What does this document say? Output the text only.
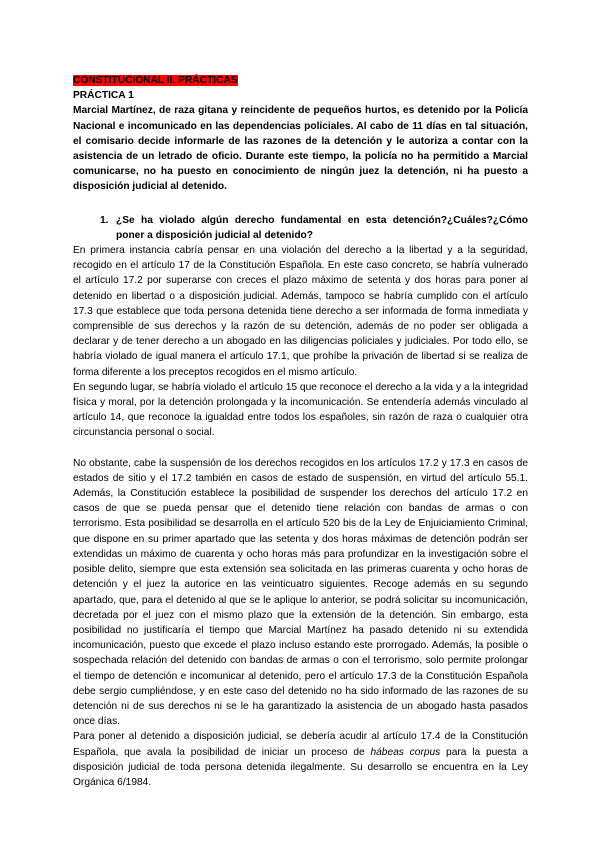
CONSTITUCIONAL II. PRÁCTICAS

PRÁCTICA 1

Marcial Martínez, de raza gitana y reincidente de pequeños hurtos, es detenido por la Policía Nacional e incomunicado en las dependencias policiales. Al cabo de 11 días en tal situación, el comisario decide informarle de las razones de la detención y le autoriza a contar con la asistencia de un letrado de oficio. Durante este tiempo, la policía no ha permitido a Marcial comunicarse, no ha puesto en conocimiento de ningún juez la detención, ni ha puesto a disposición judicial al detenido.

1. ¿Se ha violado algún derecho fundamental en esta detención?¿Cuáles?¿Cómo poner a disposición judicial al detenido?

En primera instancia cabría pensar en una violación del derecho a la libertad y a la seguridad, recogido en el artículo 17 de la Constitución Española. En este caso concreto, se habría vulnerado el artículo 17.2 por superarse con creces el plazo máximo de setenta y dos horas para poner al detenido en libertad o a disposición judicial. Además, tampoco se habría cumplido con el artículo 17.3 que establece que toda persona detenida tiene derecho a ser informada de forma inmediata y comprensible de sus derechos y la razón de su detención, además de no poder ser obligada a declarar y de tener derecho a un abogado en las diligencias policiales y judiciales. Por todo ello, se habría violado de igual manera el artículo 17.1, que prohíbe la privación de libertad si se realiza de forma diferente a los preceptos recogidos en el mismo artículo.

En segundo lugar, se habría violado el artículo 15 que reconoce el derecho a la vida y a la integridad física y moral, por la detención prolongada y la incomunicación. Se entendería además vinculado al artículo 14, que reconoce la igualdad entre todos los españoles, sin razón de raza o cualquier otra circunstancia personal o social.

No obstante, cabe la suspensión de los derechos recogidos en los artículos 17.2 y 17.3 en casos de estados de sitio y el 17.2 también en casos de estado de suspensión, en virtud del artículo 55.1. Además, la Constitución establece la posibilidad de suspender los derechos del artículo 17.2 en casos de que se pueda pensar que el detenido tiene relación con bandas de armas o con terrorismo. Esta posibilidad se desarrolla en el artículo 520 bis de la Ley de Enjuiciamiento Criminal, que dispone en su primer apartado que las setenta y dos horas máximas de detención podrán ser extendidas un máximo de cuarenta y ocho horas más para profundizar en la investigación sobre el posible delito, siempre que esta extensión sea solicitada en las primeras cuarenta y ocho horas de detención y el juez la autorice en las veinticuatro siguientes. Recoge además en su segundo apartado, que, para el detenido al que se le aplique lo anterior, se podrá solicitar su incomunicación, decretada por el juez con el mismo plazo que la extensión de la detención. Sin embargo, esta posibilidad no justificaría el tiempo que Marcial Martínez ha pasado detenido ni su extendida incomunicación, puesto que excede el plazo incluso estando este prorrogado. Además, la posible o sospechada relación del detenido con bandas de armas o con el terrorismo, solo permite prolongar el tiempo de detención e incomunicar al detenido, pero el artículo 17.3 de la Constitución Española debe sergio cumpliéndose, y en este caso del detenido no ha sido informado de las razones de su detención ni de sus derechos ni se le ha garantizado la asistencia de un abogado hasta pasados once días.

Para poner al detenido a disposición judicial, se debería acudir al artículo 17.4 de la Constitución Española, que avala la posibilidad de iniciar un proceso de hábeas corpus para la puesta a disposición judicial de toda persona detenida ilegalmente. Su desarrollo se encuentra en la Ley Orgánica 6/1984.
